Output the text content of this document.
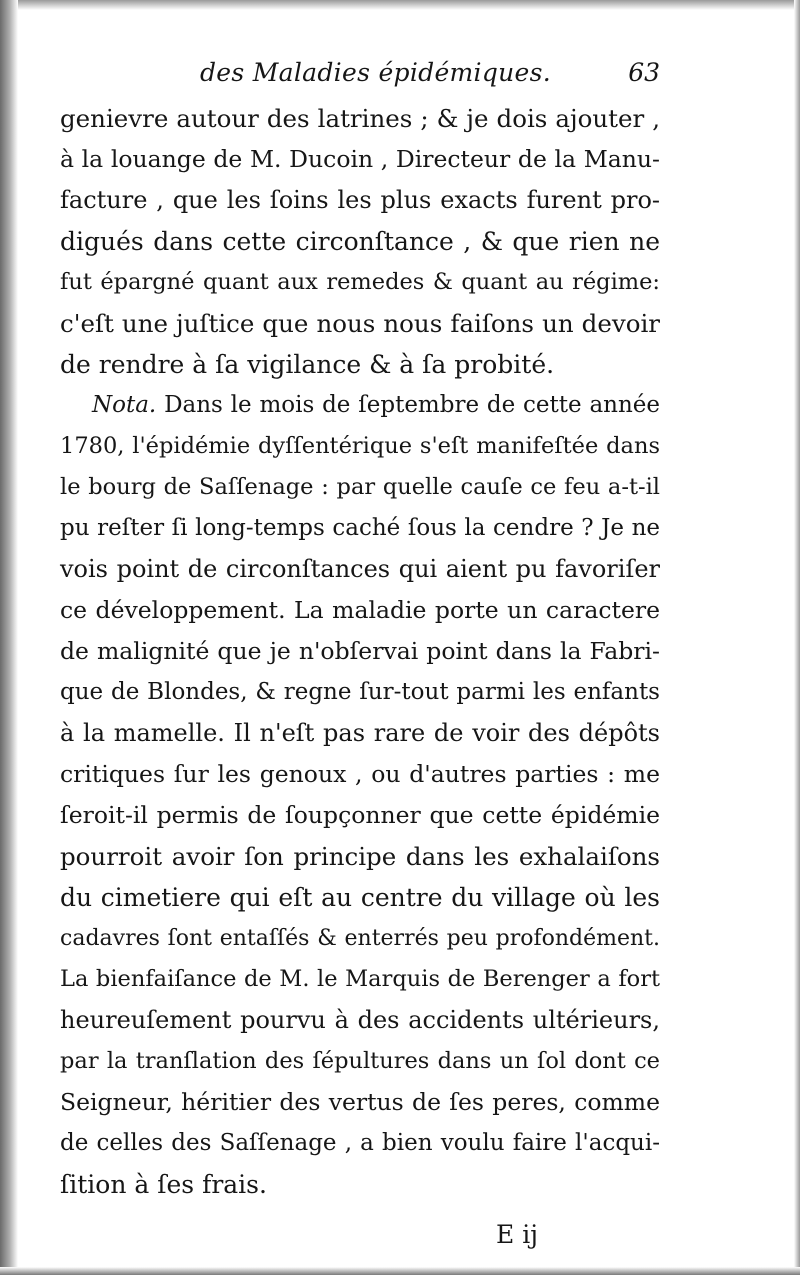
des Maladies épidémiques.	63
genievre autour des latrines ; & je dois ajouter ,
à la louange de M. Ducoin , Directeur de la Manu-
facture , que les ſoins les plus exacts furent pro-
digués dans cette circonſtance , & que rien ne
fut épargné quant aux remedes & quant au régime:
c'eſt une juſtice que nous nous faiſons un devoir
de rendre à ſa vigilance & à ſa probité.
Nota. Dans le mois de ſeptembre de cette année
1780, l'épidémie dyſſentérique s'eſt manifeſtée dans
le bourg de Saſſenage : par quelle cauſe ce feu a-t-il
pu reſter ſi long-temps caché ſous la cendre ? Je ne
vois point de circonſtances qui aient pu favoriſer
ce développement. La maladie porte un caractere
de malignité que je n'obſervai point dans la Fabri-
que de Blondes, & regne ſur-tout parmi les enfants
à la mamelle. Il n'eſt pas rare de voir des dépôts
critiques ſur les genoux , ou d'autres parties : me
ſeroit-il permis de ſoupçonner que cette épidémie
pourroit avoir ſon principe dans les exhalaiſons
du cimetiere qui eſt au centre du village où les
cadavres ſont entaſſés & enterrés peu profondément.
La bienfaiſance de M. le Marquis de Berenger a fort
heureuſement pourvu à des accidents ultérieurs,
par la tranſlation des ſépultures dans un ſol dont ce
Seigneur, héritier des vertus de ſes peres, comme
de celles des Saſſenage , a bien voulu faire l'acqui-
ſition à ſes frais.
E ij
